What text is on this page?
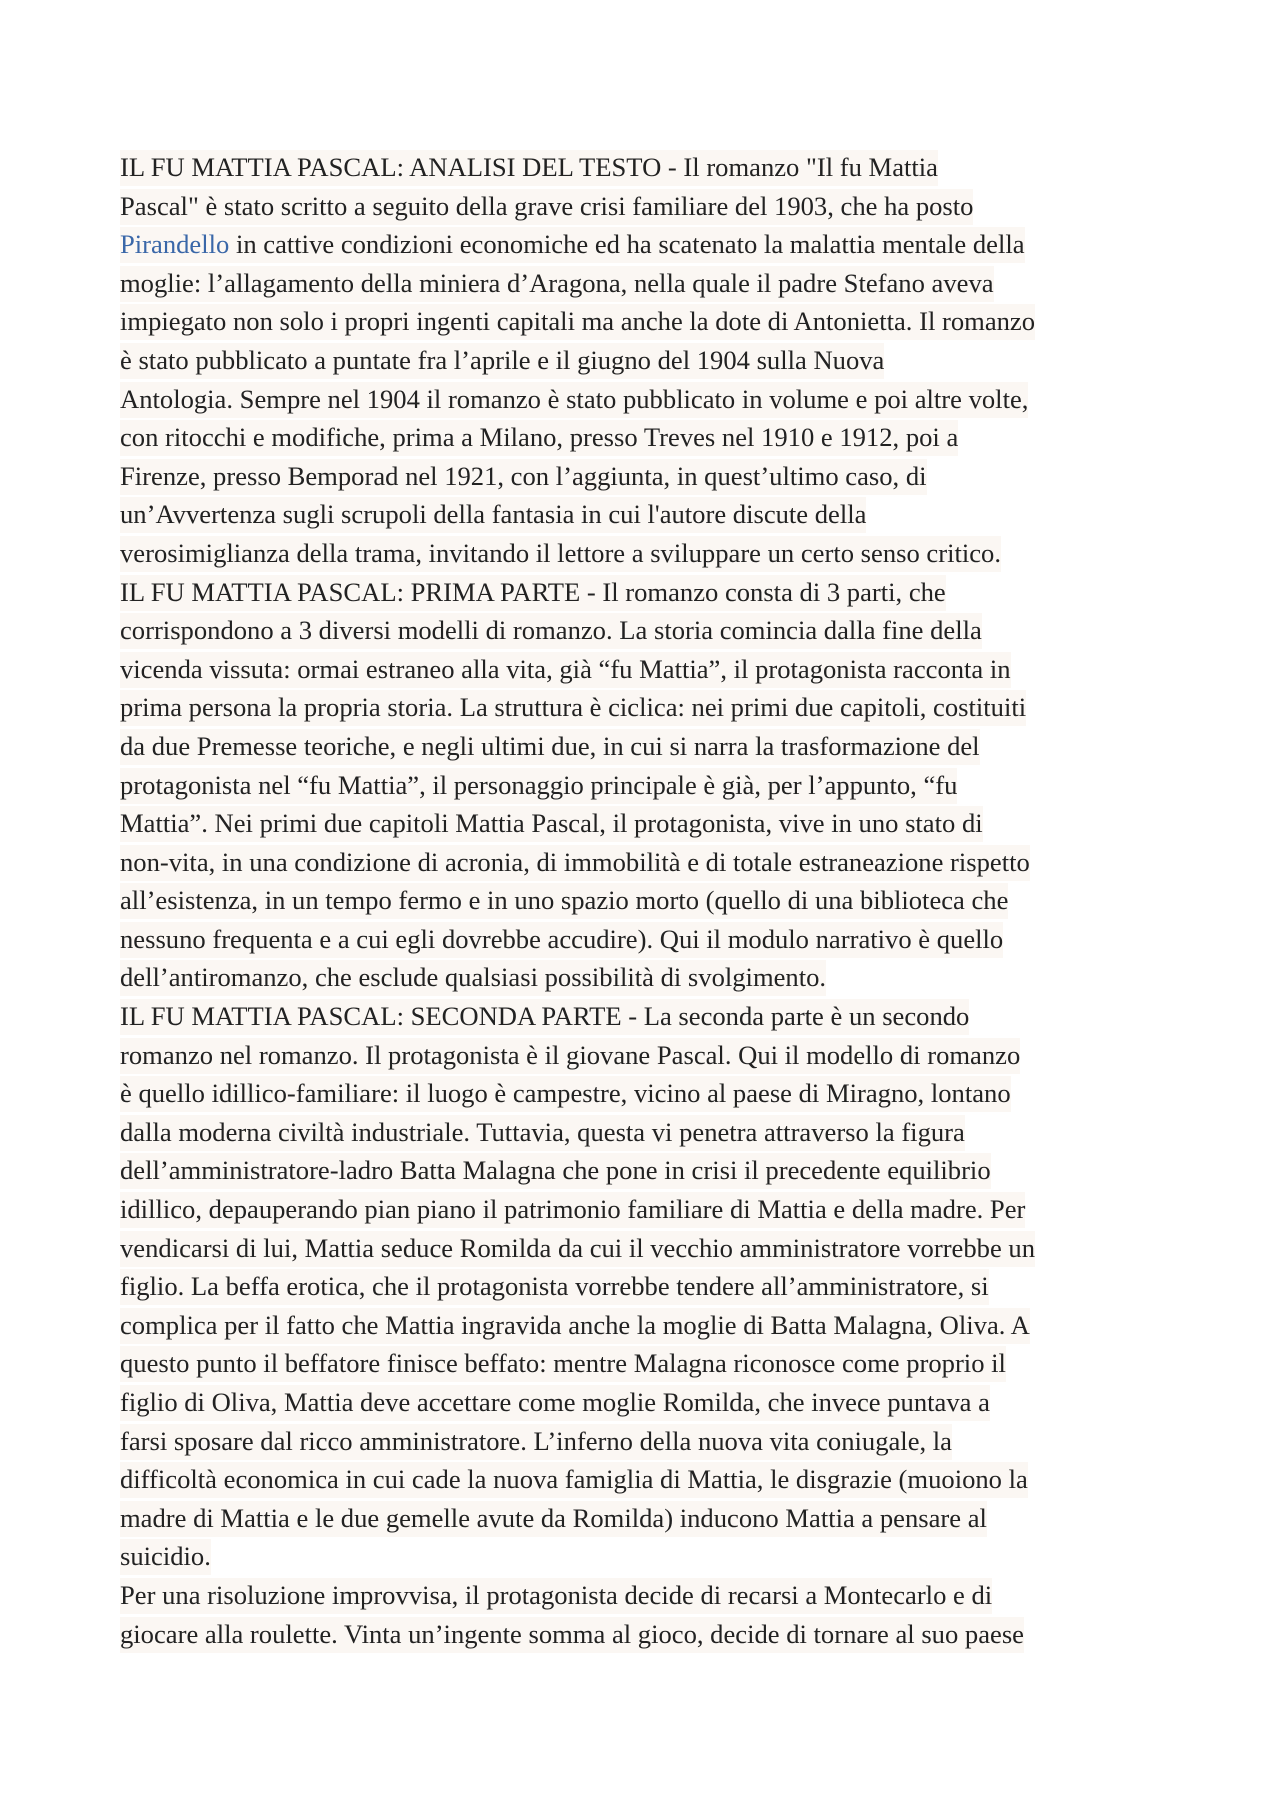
IL FU MATTIA PASCAL: ANALISI DEL TESTO - Il romanzo "Il fu Mattia
Pascal" è stato scritto a seguito della grave crisi familiare del 1903, che ha posto
Pirandello in cattive condizioni economiche ed ha scatenato la malattia mentale della
moglie: l’allagamento della miniera d’Aragona, nella quale il padre Stefano aveva
impiegato non solo i propri ingenti capitali ma anche la dote di Antonietta. Il romanzo
è stato pubblicato a puntate fra l’aprile e il giugno del 1904 sulla Nuova
Antologia. Sempre nel 1904 il romanzo è stato pubblicato in volume e poi altre volte,
con ritocchi e modifiche, prima a Milano, presso Treves nel 1910 e 1912, poi a
Firenze, presso Bemporad nel 1921, con l’aggiunta, in quest’ultimo caso, di
un’Avvertenza sugli scrupoli della fantasia in cui l'autore discute della
verosimiglianza della trama, invitando il lettore a sviluppare un certo senso critico.
IL FU MATTIA PASCAL: PRIMA PARTE - Il romanzo consta di 3 parti, che
corrispondono a 3 diversi modelli di romanzo. La storia comincia dalla fine della
vicenda vissuta: ormai estraneo alla vita, già “fu Mattia”, il protagonista racconta in
prima persona la propria storia. La struttura è ciclica: nei primi due capitoli, costituiti
da due Premesse teoriche, e negli ultimi due, in cui si narra la trasformazione del
protagonista nel “fu Mattia”, il personaggio principale è già, per l’appunto, “fu
Mattia”. Nei primi due capitoli Mattia Pascal, il protagonista, vive in uno stato di
non-vita, in una condizione di acronia, di immobilità e di totale estraneazione rispetto
all’esistenza, in un tempo fermo e in uno spazio morto (quello di una biblioteca che
nessuno frequenta e a cui egli dovrebbe accudire). Qui il modulo narrativo è quello
dell’antiromanzo, che esclude qualsiasi possibilità di svolgimento.
IL FU MATTIA PASCAL: SECONDA PARTE - La seconda parte è un secondo
romanzo nel romanzo. Il protagonista è il giovane Pascal. Qui il modello di romanzo
è quello idillico-familiare: il luogo è campestre, vicino al paese di Miragno, lontano
dalla moderna civiltà industriale. Tuttavia, questa vi penetra attraverso la figura
dell’amministratore-ladro Batta Malagna che pone in crisi il precedente equilibrio
idillico, depauperando pian piano il patrimonio familiare di Mattia e della madre. Per
vendicarsi di lui, Mattia seduce Romilda da cui il vecchio amministratore vorrebbe un
figlio. La beffa erotica, che il protagonista vorrebbe tendere all’amministratore, si
complica per il fatto che Mattia ingravida anche la moglie di Batta Malagna, Oliva. A
questo punto il beffatore finisce beffato: mentre Malagna riconosce come proprio il
figlio di Oliva, Mattia deve accettare come moglie Romilda, che invece puntava a
farsi sposare dal ricco amministratore. L’inferno della nuova vita coniugale, la
difficoltà economica in cui cade la nuova famiglia di Mattia, le disgrazie (muoiono la
madre di Mattia e le due gemelle avute da Romilda) inducono Mattia a pensare al
suicidio.
Per una risoluzione improvvisa, il protagonista decide di recarsi a Montecarlo e di
giocare alla roulette. Vinta un’ingente somma al gioco, decide di tornare al suo paese
